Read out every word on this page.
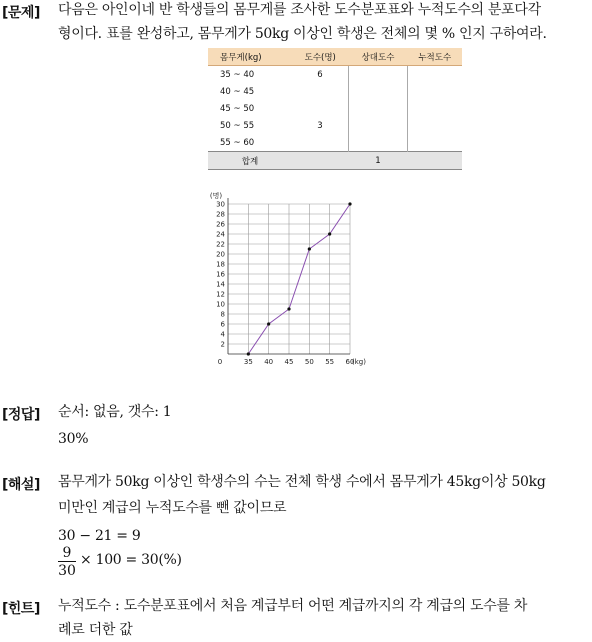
[문제] 다음은 아인이네 반 학생들의 몸무게를 조사한 도수분포표와 누적도수의 분포다각
형이다. 표를 완성하고, 몸무게가 50kg 이상인 학생은 전체의 몇 % 인지 구하여라.
몸무게(kg)	도수(명)	상대도수	누적도수
35 ~ 40	6		
40 ~ 45			
45 ~ 50			
50 ~ 55	3		
55 ~ 60			
합계		1	
2
4
6
8
10
12
14
16
18
20
22
24
26
28
30
35 40 45 50 55 60
0
(명)
(kg)
[정답] 순서: 없음, 갯수: 1
30%
[해설] 몸무게가 50kg 이상인 학생수의 수는 전체 학생 수에서 몸무게가 45kg이상 50kg
미만인 계급의 누적도수를 뺀 값이므로
30 − 21 = 9
$\frac{9}{30} \times 100 = 30(\%)$
[힌트] 누적도수 : 도수분포표에서 처음 계급부터 어떤 계급까지의 각 계급의 도수를 차
례로 더한 값
